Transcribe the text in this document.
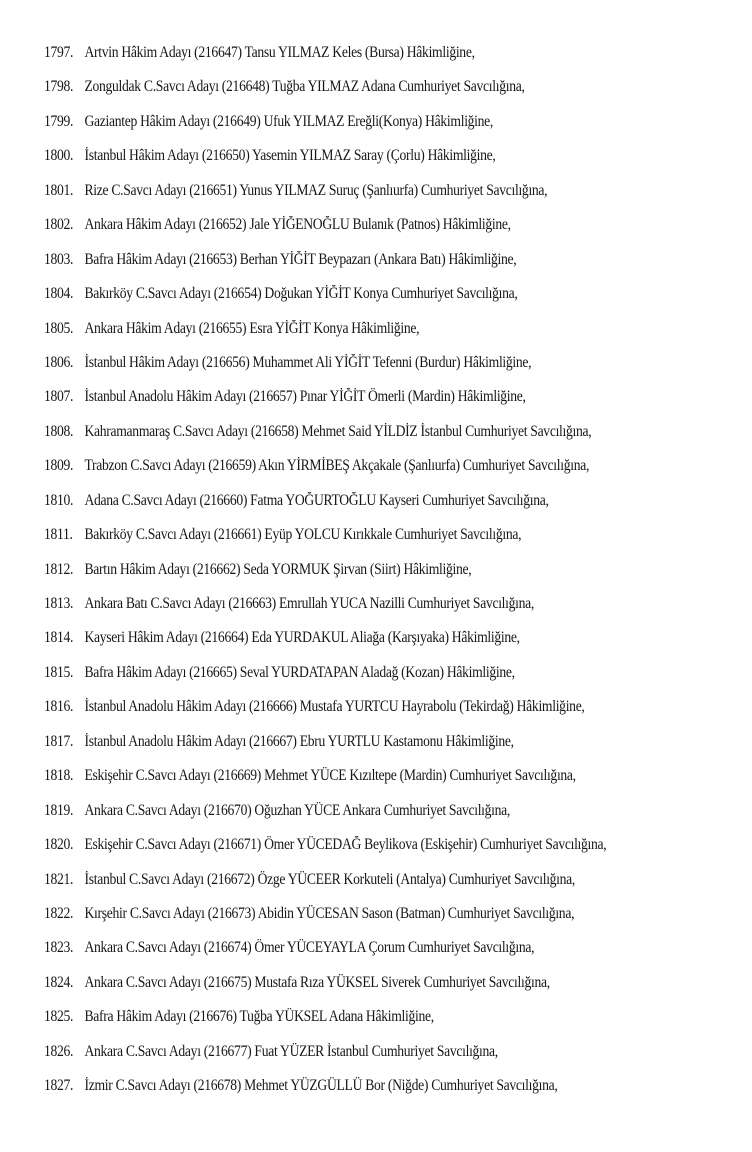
1797. Artvin Hâkim Adayı (216647) Tansu YILMAZ Keles (Bursa) Hâkimliğine,
1798. Zonguldak C.Savcı Adayı (216648) Tuğba YILMAZ Adana Cumhuriyet Savcılığına,
1799. Gaziantep Hâkim Adayı (216649) Ufuk YILMAZ Ereğli(Konya) Hâkimliğine,
1800. İstanbul Hâkim Adayı (216650) Yasemin YILMAZ Saray (Çorlu) Hâkimliğine,
1801. Rize C.Savcı Adayı (216651) Yunus YILMAZ Suruç (Şanlıurfa) Cumhuriyet Savcılığına,
1802. Ankara Hâkim Adayı (216652) Jale YİĞENOĞLU Bulanık (Patnos) Hâkimliğine,
1803. Bafra Hâkim Adayı (216653) Berhan YİĞİT Beypazarı (Ankara Batı) Hâkimliğine,
1804. Bakırköy C.Savcı Adayı (216654) Doğukan YİĞİT Konya Cumhuriyet Savcılığına,
1805. Ankara Hâkim Adayı (216655) Esra YİĞİT Konya Hâkimliğine,
1806. İstanbul Hâkim Adayı (216656) Muhammet Ali YİĞİT Tefenni (Burdur) Hâkimliğine,
1807. İstanbul Anadolu Hâkim Adayı (216657) Pınar YİĞİT Ömerli (Mardin) Hâkimliğine,
1808. Kahramanmaraş C.Savcı Adayı (216658) Mehmet Said YİLDİZ İstanbul Cumhuriyet Savcılığına,
1809. Trabzon C.Savcı Adayı (216659) Akın YİRMİBEŞ Akçakale (Şanlıurfa) Cumhuriyet Savcılığına,
1810. Adana C.Savcı Adayı (216660) Fatma YOĞURTOĞLU Kayseri Cumhuriyet Savcılığına,
1811. Bakırköy C.Savcı Adayı (216661) Eyüp YOLCU Kırıkkale Cumhuriyet Savcılığına,
1812. Bartın Hâkim Adayı (216662) Seda YORMUK Şirvan (Siirt) Hâkimliğine,
1813. Ankara Batı C.Savcı Adayı (216663) Emrullah YUCA Nazilli Cumhuriyet Savcılığına,
1814. Kayseri Hâkim Adayı (216664) Eda YURDAKUL Aliağa (Karşıyaka) Hâkimliğine,
1815. Bafra Hâkim Adayı (216665) Seval YURDATAPAN Aladağ (Kozan) Hâkimliğine,
1816. İstanbul Anadolu Hâkim Adayı (216666) Mustafa YURTCU Hayrabolu (Tekirdağ) Hâkimliğine,
1817. İstanbul Anadolu Hâkim Adayı (216667) Ebru YURTLU Kastamonu Hâkimliğine,
1818. Eskişehir C.Savcı Adayı (216669) Mehmet YÜCE Kızıltepe (Mardin) Cumhuriyet Savcılığına,
1819. Ankara C.Savcı Adayı (216670) Oğuzhan YÜCE Ankara Cumhuriyet Savcılığına,
1820. Eskişehir C.Savcı Adayı (216671) Ömer YÜCEDAĞ Beylikova (Eskişehir) Cumhuriyet Savcılığına,
1821. İstanbul C.Savcı Adayı (216672) Özge YÜCEER Korkuteli (Antalya) Cumhuriyet Savcılığına,
1822. Kırşehir C.Savcı Adayı (216673) Abidin YÜCESAN Sason (Batman) Cumhuriyet Savcılığına,
1823. Ankara C.Savcı Adayı (216674) Ömer YÜCEYAYLA Çorum Cumhuriyet Savcılığına,
1824. Ankara C.Savcı Adayı (216675) Mustafa Rıza YÜKSEL Siverek Cumhuriyet Savcılığına,
1825. Bafra Hâkim Adayı (216676) Tuğba YÜKSEL Adana Hâkimliğine,
1826. Ankara C.Savcı Adayı (216677) Fuat YÜZER İstanbul Cumhuriyet Savcılığına,
1827. İzmir C.Savcı Adayı (216678) Mehmet YÜZGÜLLÜ Bor (Niğde) Cumhuriyet Savcılığına,
